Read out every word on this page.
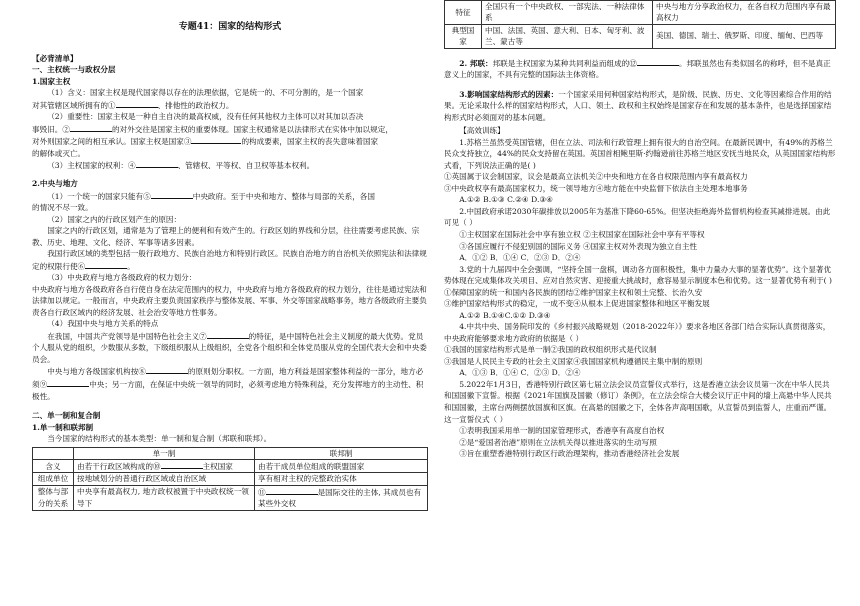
专题41：国家的结构形式
【必背清单】
一、主权统一与政权分层
1.国家主权

（1）含义：国家主权是现代国家得以存在的法理依据，它是统一的、不可分割的，是一个国家

对其管辖区域所拥有的①	、排他性的政治权力。

（2）重要性：国家主权是一种自主自决的最高权威，没有任何其他权力主体可以对其加以否决

事毁旧。②	的对外交往是国家主权的重要体现。国家主权通常是以法律形式在实体中加以规定，

对外则国家之间的相互承认。国家主权是国家③	的构成要素，国家主权的丧失意味着国家

的解体或灭亡。

（3）主权国家的权利：④	、管辖权、平等权、自卫权等基本权利。

2.中央与地方

（1）一个统一的国家只能有⑤	中央政府。至于中央和地方、整体与局部的关系，各国

的情况不尽一致。

（2）国家之内的行政区划产生的原因：

国家之内的行政区划，通常是为了管理上的便利和有效产生的。行政区划的界线和分层，往往需要考虑民族、宗教、历史、地理、文化、经济、军事等诸多因素。

我国行政区域的类型包括一般行政地方、民族自治地方和特别行政区。民族自治地方的自治机关依照宪法和法律规定的权限行使⑥	。

（3）中央政府与地方各级政府的权力划分：

中央政府与地方各级政府各自行使自身在法定范围内的权力，中央政府与地方各级政府的权力划分，往往是通过宪法和法律加以规定。一般而言，中央政府主要负责国家秩序与整体发展、军事、外交等国家战略事务，地方各级政府主要负责各自行政区域内的经济发展、社会治安等地方性事务。

（4）我国中央与地方关系的特点

在我国，中国共产党领导是中国特色社会主义⑦	的特征，是中国特色社会主义制度的最大优势。党员个人服从党的组织，少数服从多数，下级组织服从上级组织，全党各个组织和全体党员服从党的全国代表大会和中央委员会。

中央与地方各级国家机构按⑧	的原则划分职权。一方面，地方利益是国家整体利益的一部分，地方必须⑨	中央；另一方面，在保证中央统一领导的同时，必须考虑地方特殊利益，充分发挥地方的主动性、积极性。

二、单一制和复合制
1.单一制和联邦制

当今国家的结构形式的基本类型：单一制和复合制（邦联和联邦）。

	单一制	联邦制
含义	由若干行政区域构成的⑩ 主权国家	由若干成员单位组成的联盟国家
组成单位	按地域划分的普通行政区域或自治区域	享有相对主权的完整政治实体
整体与部分的关系	中央享有最高权力, 地方政权被置于中央政权统一领导下	⑪ 是国际交往的主体, 其成员也有某些外交权
特征	全国只有一个中央政权、一部宪法、一种法律体系	中央与地方分享政治权力，在各自权力范围内享有最高权力
典型国家	中国、法国、英国、意大利、日本、匈牙利、波兰、蒙古等	美国、德国、瑞士、俄罗斯、印度、缅甸、巴西等

2. 邦联：邦联是主权国家为某种共同利益而组成的⑫	。邦联虽然也有类似国名的称呼，但不是真正意义上的国家，不具有完整的国际法主体资格。

3.影响国家结构形式的因素：一个国家采用何种国家结构形式，是阶级、民族、历史、文化等因素综合作用的结果。无论采取什么样的国家结构形式，人口、领土、政权和主权始终是国家存在和发展的基本条件，也是选择国家结构形式时必须面对的基本问题。

【高效训练】

1.苏格兰虽然受英国管辖，但在立法、司法和行政管理上拥有很大的自治空间。在最新民调中，有49%的苏格兰民众支持独立，44%的民众支持留在英国。英国首相鲍里斯·约翰逊前往苏格兰地区安抚当地民众，从英国国家结构形式看，下列说法正确的是( )

①英国属于议会制国家，议会是最高立法机关②中央和地方在各自权限范围内享有最高权力

③中央政权享有最高国家权力，统一领导地方④地方能在中央监督下依法自主处理本地事务

A.①② B.①③ C.②④ D.③④

2.中国政府承诺2030年碳排放以2005年为基准下降60-65%。但坚决拒绝海外监督机构检查其减排进展。由此可见（ ）

①主权国家在国际社会中享有独立权 ②主权国家在国际社会中享有平等权

③各国应履行不侵犯别国的国际义务 ④国家主权对外表现为独立自主性

A．①② B．①④ C．②③ D．②④

3.党的十九届四中全会强调，“坚持全国一盘棋，调动各方面积极性，集中力量办大事的显著优势”。这个显著优势体现在完成集体攻关项目、应对自然灾害、迎接重大挑战时，愈容易显示制度本色和优势。这一显著优势有利于( )

①保障国家的统一和国内各民族的团结②维护国家主权和领土完整、长治久安

③维护国家结构形式的稳定，一成不变④从根本上促进国家整体和地区平衡发展

A.①② B.①④C.①② D.③④

4.中共中央、国务院印发的《乡村振兴战略规划（2018-2022年）》要求各地区各部门结合实际认真贯彻落实，中央政府能够要求地方政府的依据是（ ）

①我国的国家结构形式是单一制②我国的政权组织形式是代议制

③我国是人民民主专政的社会主义国家④我国国家机构遵循民主集中制的原则

A．①③ B．①④ C．②③ D．②④

5.2022年1月3日，香港特别行政区第七届立法会议员宣誓仪式举行，这是香港立法会议员第一次在中华人民共和国国徽下宣誓。根据《2021年国旗及国徽（修订）条例》，在立法会综合大楼会议厅正中间的墙上高悬中华人民共和国国徽，主席台两侧摆放国旗和区旗。在高悬的国徽之下，全体各声高唱国歌，从宣誓员到监誓人，庄重而严谨。这一宣誓仪式（ ）

①表明我国采用单一制的国家管理形式，香港享有高度自治权

②是“爱国者治港”原则在立法机关得以推进落实的生动写照

③旨在重塑香港特别行政区行政治理架构，推动香港经济社会发展
